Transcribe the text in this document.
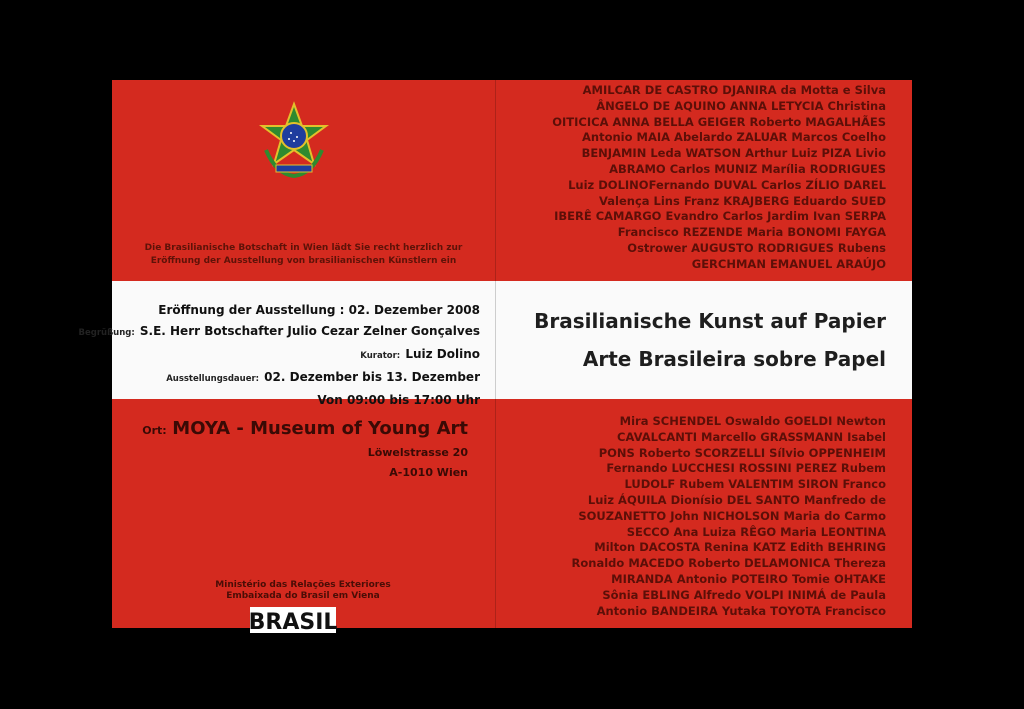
Die Brasilianische Botschaft in Wien lädt Sie recht herzlich zur
Eröffnung der Ausstellung von brasilianischen Künstlern ein
Eröffnung der Ausstellung : 02. Dezember 2008
Begrüßung: S.E. Herr Botschafter Julio Cezar Zelner Gonçalves
Kurator: Luiz Dolino
Ausstellungsdauer: 02. Dezember bis 13. Dezember
Von 09:00 bis 17:00 Uhr
Brasilianische Kunst auf Papier
Arte Brasileira sobre Papel
Ort: MOYA - Museum of Young Art
Löwelstrasse 20
A-1010 Wien
Ministério das Relações Exteriores
Embaixada do Brasil em Viena
BRASIL
AMILCAR DE CASTRO DJANIRA da Motta e Silva
ÂNGELO DE AQUINO ANNA LETYCIA Christina
OITICICA ANNA BELLA GEIGER Roberto MAGALHÃES
Antonio MAIA Abelardo ZALUAR Marcos Coelho
BENJAMIN Leda WATSON Arthur Luiz PIZA Livio
ABRAMO Carlos MUNIZ Marília RODRIGUES
Luiz DOLINOFernando DUVAL Carlos ZÍLIO DAREL
Valença Lins Franz KRAJBERG Eduardo SUED
IBERÊ CAMARGO Evandro Carlos Jardim Ivan SERPA
Francisco REZENDE Maria BONOMI FAYGA
Ostrower AUGUSTO RODRIGUES Rubens
GERCHMAN EMANUEL ARAÚJO
Mira SCHENDEL Oswaldo GOELDI Newton
CAVALCANTI Marcello GRASSMANN Isabel
PONS Roberto SCORZELLI Sílvio OPPENHEIM
Fernando LUCCHESI ROSSINI PEREZ Rubem
LUDOLF Rubem VALENTIM SIRON Franco
Luiz ÁQUILA Dionísio DEL SANTO Manfredo de
SOUZANETTO John NICHOLSON Maria do Carmo
SECCO Ana Luiza RÊGO Maria LEONTINA
Milton DACOSTA Renina KATZ Edith BEHRING
Ronaldo MACEDO Roberto DELAMONICA Thereza
MIRANDA Antonio POTEIRO Tomie OHTAKE
Sônia EBLING Alfredo VOLPI INIMÁ de Paula
Antonio BANDEIRA Yutaka TOYOTA Francisco
